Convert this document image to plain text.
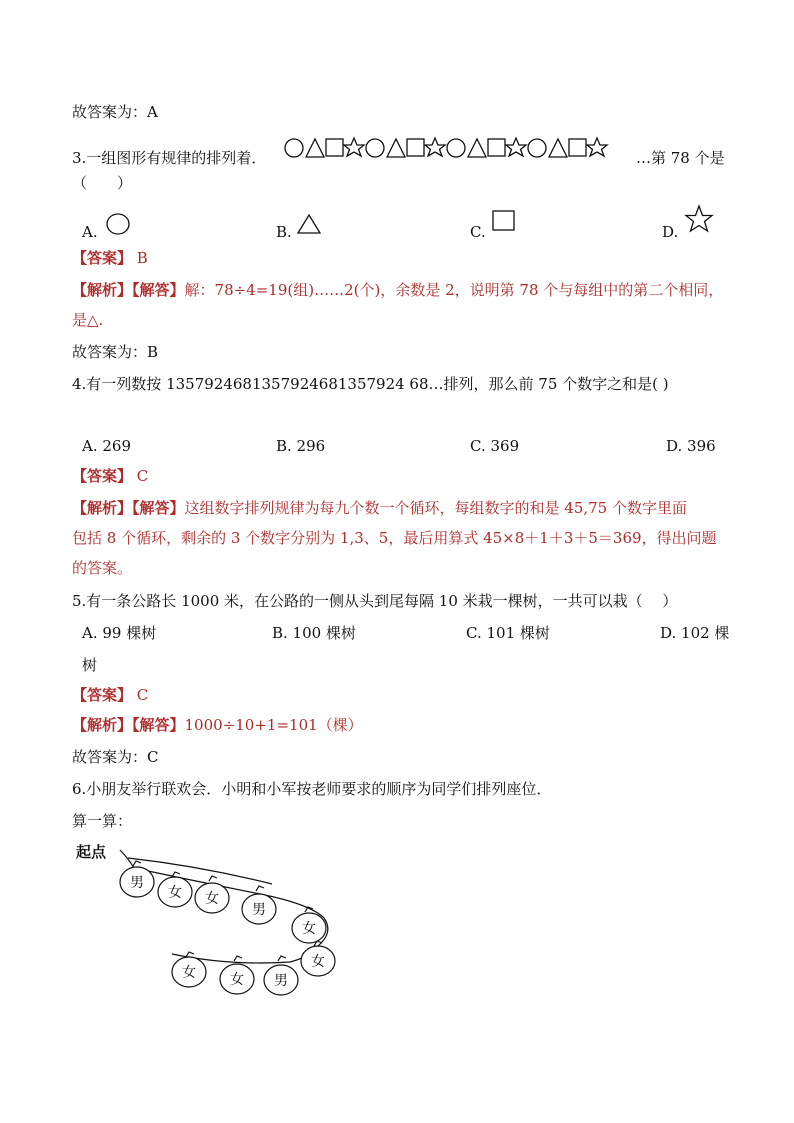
故答案为：A
3.一组图形有规律的排列着．	…第 78 个是
（　　）
A.	B.	C.	D.
【答案】 B
【解析】【解答】解：78÷4=19(组)……2(个)，余数是 2，说明第 78 个与每组中的第二个相同，
是△.
故答案为：B
4.有一列数按 1357924681357924681357924 68…排列，那么前 75 个数字之和是( )
A. 269	B. 296	C. 369	D. 396
【答案】 C
【解析】【解答】这组数字排列规律为每九个数一个循环，每组数字的和是 45,75 个数字里面
包括 8 个循环，剩余的 3 个数字分别为 1,3、5，最后用算式 45×8＋1＋3＋5＝369，得出问题
的答案。
5.有一条公路长 1000 米，在公路的一侧从头到尾每隔 10 米栽一棵树，一共可以栽（　 ）
A. 99 棵树	B. 100 棵树	C. 101 棵树	D. 102 棵
树
【答案】 C
【解析】【解答】1000÷10+1=101（棵）
故答案为：C
6.小朋友举行联欢会．小明和小军按老师要求的顺序为同学们排列座位．
算一算：
起点
男
女 女
男
女
女 女 男
女
